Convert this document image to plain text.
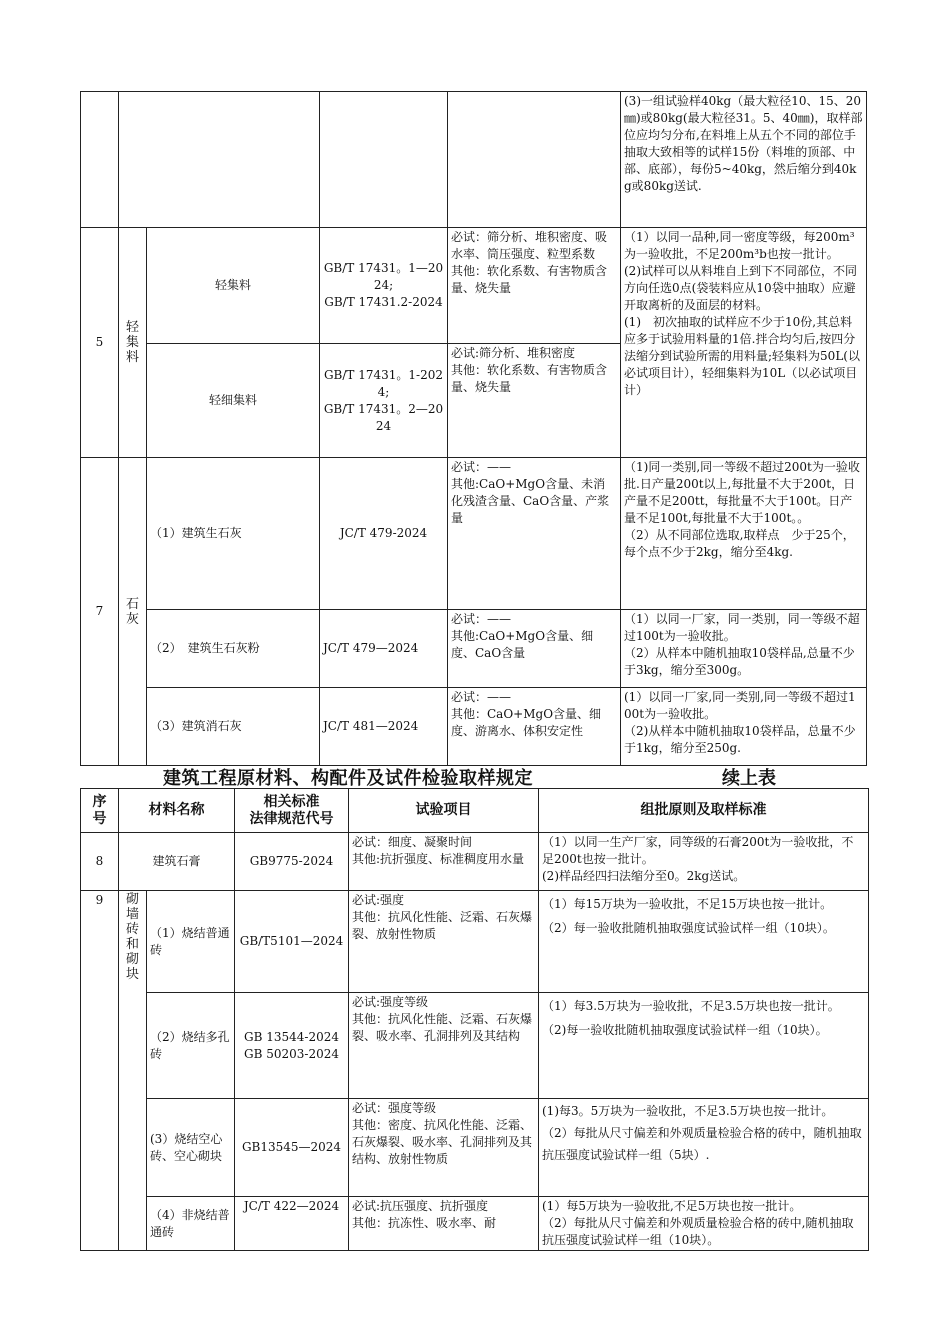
					(3)一组试验样40kg（最大粒径10、15、20㎜)或80kg(最大粒径31。5、40㎜)，取样部位应均匀分布,在料堆上从五个不同的部位手抽取大致相等的试样15份（料堆的顶部、中部、底部），每份5~40kg，然后缩分到40kg或80kg送试.
5	轻集料	轻集料	GB/T 17431。1—2024;
GB/T 17431.2-2024	必试：筛分析、堆积密度、吸水率、筒压强度、粒型系数
其他：软化系数、有害物质含量、烧失量	（1）以同一品种,同一密度等级，每200m³为一验收批，不足200m³b也按一批计。
(2)试样可以从料堆自上到下不同部位，不同方向任选0点(袋装料应从10袋中抽取）应避开取离析的及面层的材料。
(1)　初次抽取的试样应不少于10份,其总料应多于试验用料量的1倍.拌合均匀后,按四分法缩分到试验所需的用料量;轻集料为50L(以必试项目计），轻细集料为10L（以必试项目计）
		轻细集料	GB/T 17431。1-2024;
GB/T 17431。2—2024	必试:筛分析、堆积密度
其他：软化系数、有害物质含量、烧失量	
7	石灰	（1）建筑生石灰	JC/T 479-2024	必试：——
其他:CaO+MgO含量、未消化残渣含量、CaO含量、产浆量	（1)同一类别,同一等级不超过200t为一验收批.日产量200t以上,每批量不大于200t，日产量不足200tt，每批量不大于100t。日产量不足100t,每批量不大于100t。。
（2）从不同部位选取,取样点　少于25个，每个点不少于2kg，缩分至4kg.
		（2）　建筑生石灰粉	JC/T 479—2024	必试：——
其他:CaO+MgO含量、细度、CaO含量	（1）以同一厂家，同一类别，同一等级不超过100t为一验收批。
（2）从样本中随机抽取10袋样品,总量不少于3kg，缩分至300g。
		（3）建筑消石灰	JC/T 481—2024	必试：——
其他：CaO+MgO含量、细度、游离水、体积安定性	(1）以同一厂家,同一类别,同一等级不超过100t为一验收批。
（2)从样本中随机抽取10袋样品，总量不少于1kg，缩分至250g.
建筑工程原材料、构配件及试件检验取样规定	续上表
序号	材料名称		相关标准
法律规范代号	试验项目	组批原则及取样标准
8	建筑石膏		GB9775-2024	必试：细度、凝聚时间
其他:抗折强度、标准稠度用水量	（1）以同一生产厂家，同等级的石膏200t为一验收批，不足200t也按一批计。
(2)样品经四扫法缩分至0。2kg送试。
9	砌墙砖和砌块	（1）烧结普通砖	GB/T5101—2024	必试:强度
其他：抗风化性能、泛霜、石灰爆裂、放射性物质	（1）每15万块为一验收批，不足15万块也按一批计。
（2）每一验收批随机抽取强度试验试样一组（10块）。
		（2）烧结多孔砖	GB 13544-2024
GB 50203-2024	必试:强度等级
其他：抗风化性能、泛霜、石灰爆裂、吸水率、孔洞排列及其结构	（1）每3.5万块为一验收批，不足3.5万块也按一批计。
（2)每一验收批随机抽取强度试验试样一组（10块）。
		(3）烧结空心砖、空心砌块	GB13545—2024	必试：强度等级
其他：密度、抗风化性能、泛霜、石灰爆裂、吸水率、孔洞排列及其结构、放射性物质	(1)每3。5万块为一验收批，不足3.5万块也按一批计。
（2）每批从尺寸偏差和外观质量检验合格的砖中，随机抽取抗压强度试验试样一组（5块）.
		（4）非烧结普通砖	JC/T 422—2024	必试:抗压强度、抗折强度
其他：抗冻性、吸水率、耐	(1）每5万块为一验收批,不足5万块也按一批计。
（2）每批从尺寸偏差和外观质量检验合格的砖中,随机抽取抗压强度试验试样一组（10块）。
